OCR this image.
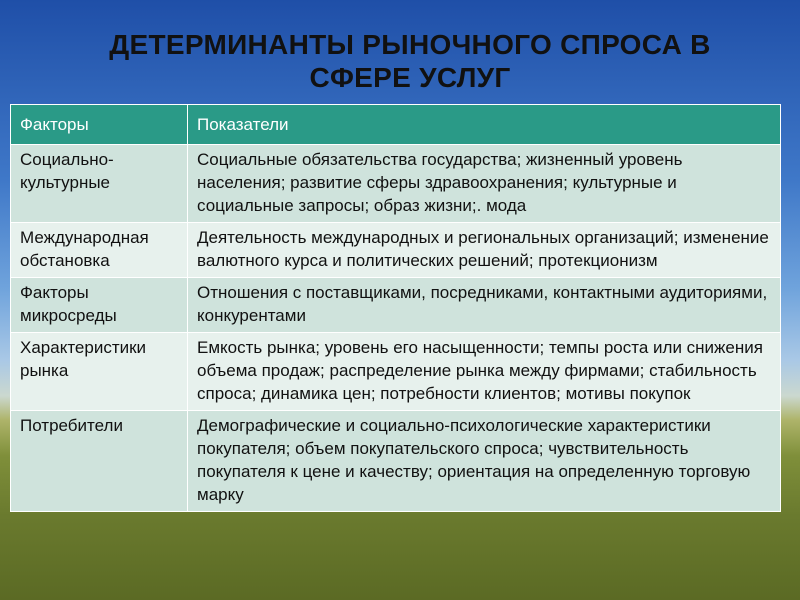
ДЕТЕРМИНАНТЫ РЫНОЧНОГО СПРОСА В СФЕРЕ УСЛУГ
Факторы	Показатели
Социально-культурные	Социальные обязательства государства; жизненный уровень населения; развитие сферы здравоохранения; культурные и социальные запросы; образ жизни;. мода
Международная обстановка	Деятельность международных и региональных организаций; изменение валютного курса и политических решений; протекционизм
Факторы микросреды	Отношения с поставщиками, посредниками, контактными аудиториями, конкурентами
Характеристики рынка	Емкость рынка; уровень его насыщенности; темпы роста или снижения объема продаж; распределение рынка между фирмами; стабильность спроса; динамика цен; потребности клиентов; мотивы покупок
Потребители	Демографические и социально-психологические характеристики покупателя; объем покупательского спроса; чувствительность покупателя к цене и качеству; ориентация на определенную торговую марку
